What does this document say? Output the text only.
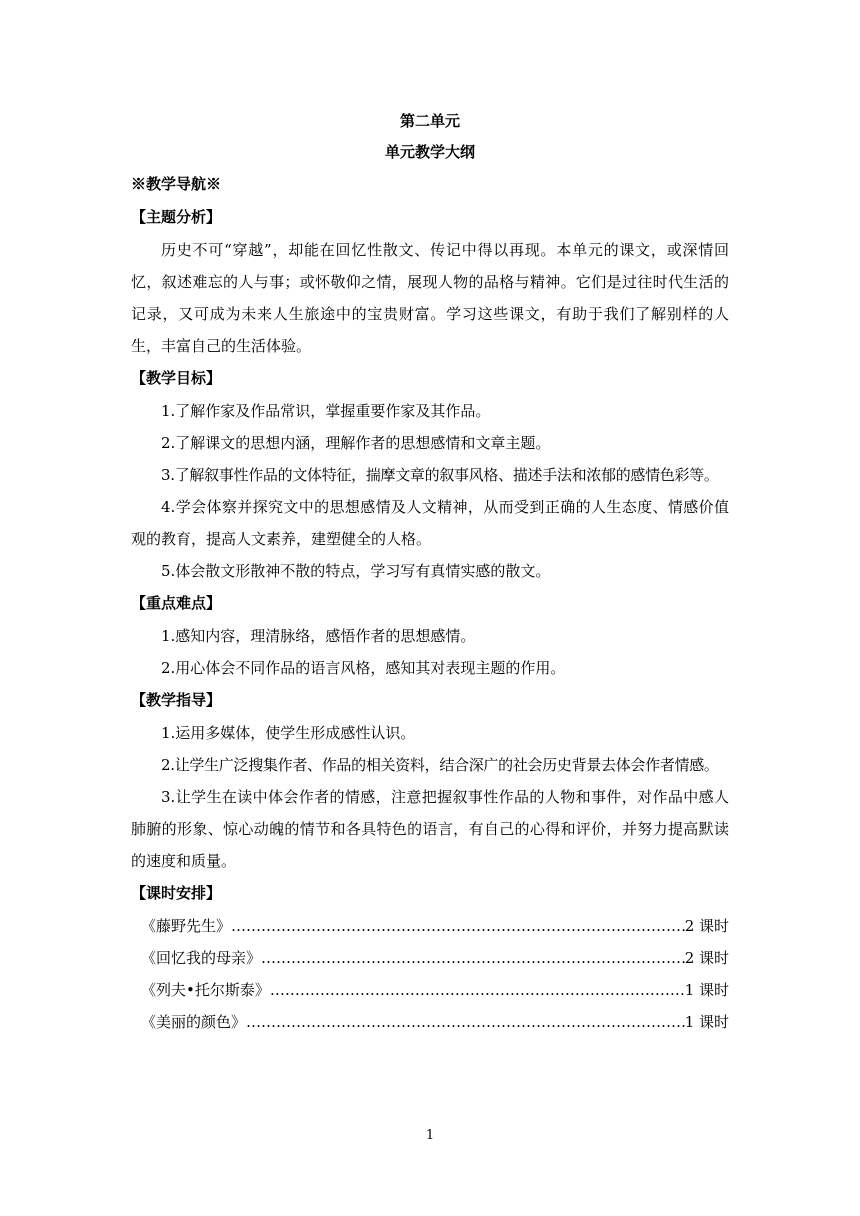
第二单元
单元教学大纲
※教学导航※
【主题分析】

历史不可“穿越”，却能在回忆性散文、传记中得以再现。本单元的课文，或深情回忆，叙述难忘的人与事；或怀敬仰之情，展现人物的品格与精神。它们是过往时代生活的记录，又可成为未来人生旅途中的宝贵财富。学习这些课文，有助于我们了解别样的人生，丰富自己的生活体验。

【教学目标】

1.了解作家及作品常识，掌握重要作家及其作品。

2.了解课文的思想内涵，理解作者的思想感情和文章主题。

3.了解叙事性作品的文体特征，揣摩文章的叙事风格、描述手法和浓郁的感情色彩等。

4.学会体察并探究文中的思想感情及人文精神，从而受到正确的人生态度、情感价值观的教育，提高人文素养，建塑健全的人格。

5.体会散文形散神不散的特点，学习写有真情实感的散文。

【重点难点】

1.感知内容，理清脉络，感悟作者的思想感情。

2.用心体会不同作品的语言风格，感知其对表现主题的作用。

【教学指导】

1.运用多媒体，使学生形成感性认识。

2.让学生广泛搜集作者、作品的相关资料，结合深广的社会历史背景去体会作者情感。

3.让学生在读中体会作者的情感，注意把握叙事性作品的人物和事件，对作品中感人肺腑的形象、惊心动魄的情节和各具特色的语言，有自己的心得和评价，并努力提高默读的速度和质量。

【课时安排】
《藤野先生》 ……………………………………………………………………………………………………………………………………………………………………	2 课时
《回忆我的母亲》 ……………………………………………………………………………………………………………………………………………………………………	2 课时
《列夫•托尔斯泰》 ……………………………………………………………………………………………………………………………………………………………………	1 课时
《美丽的颜色》 ……………………………………………………………………………………………………………………………………………………………………	1 课时
1
